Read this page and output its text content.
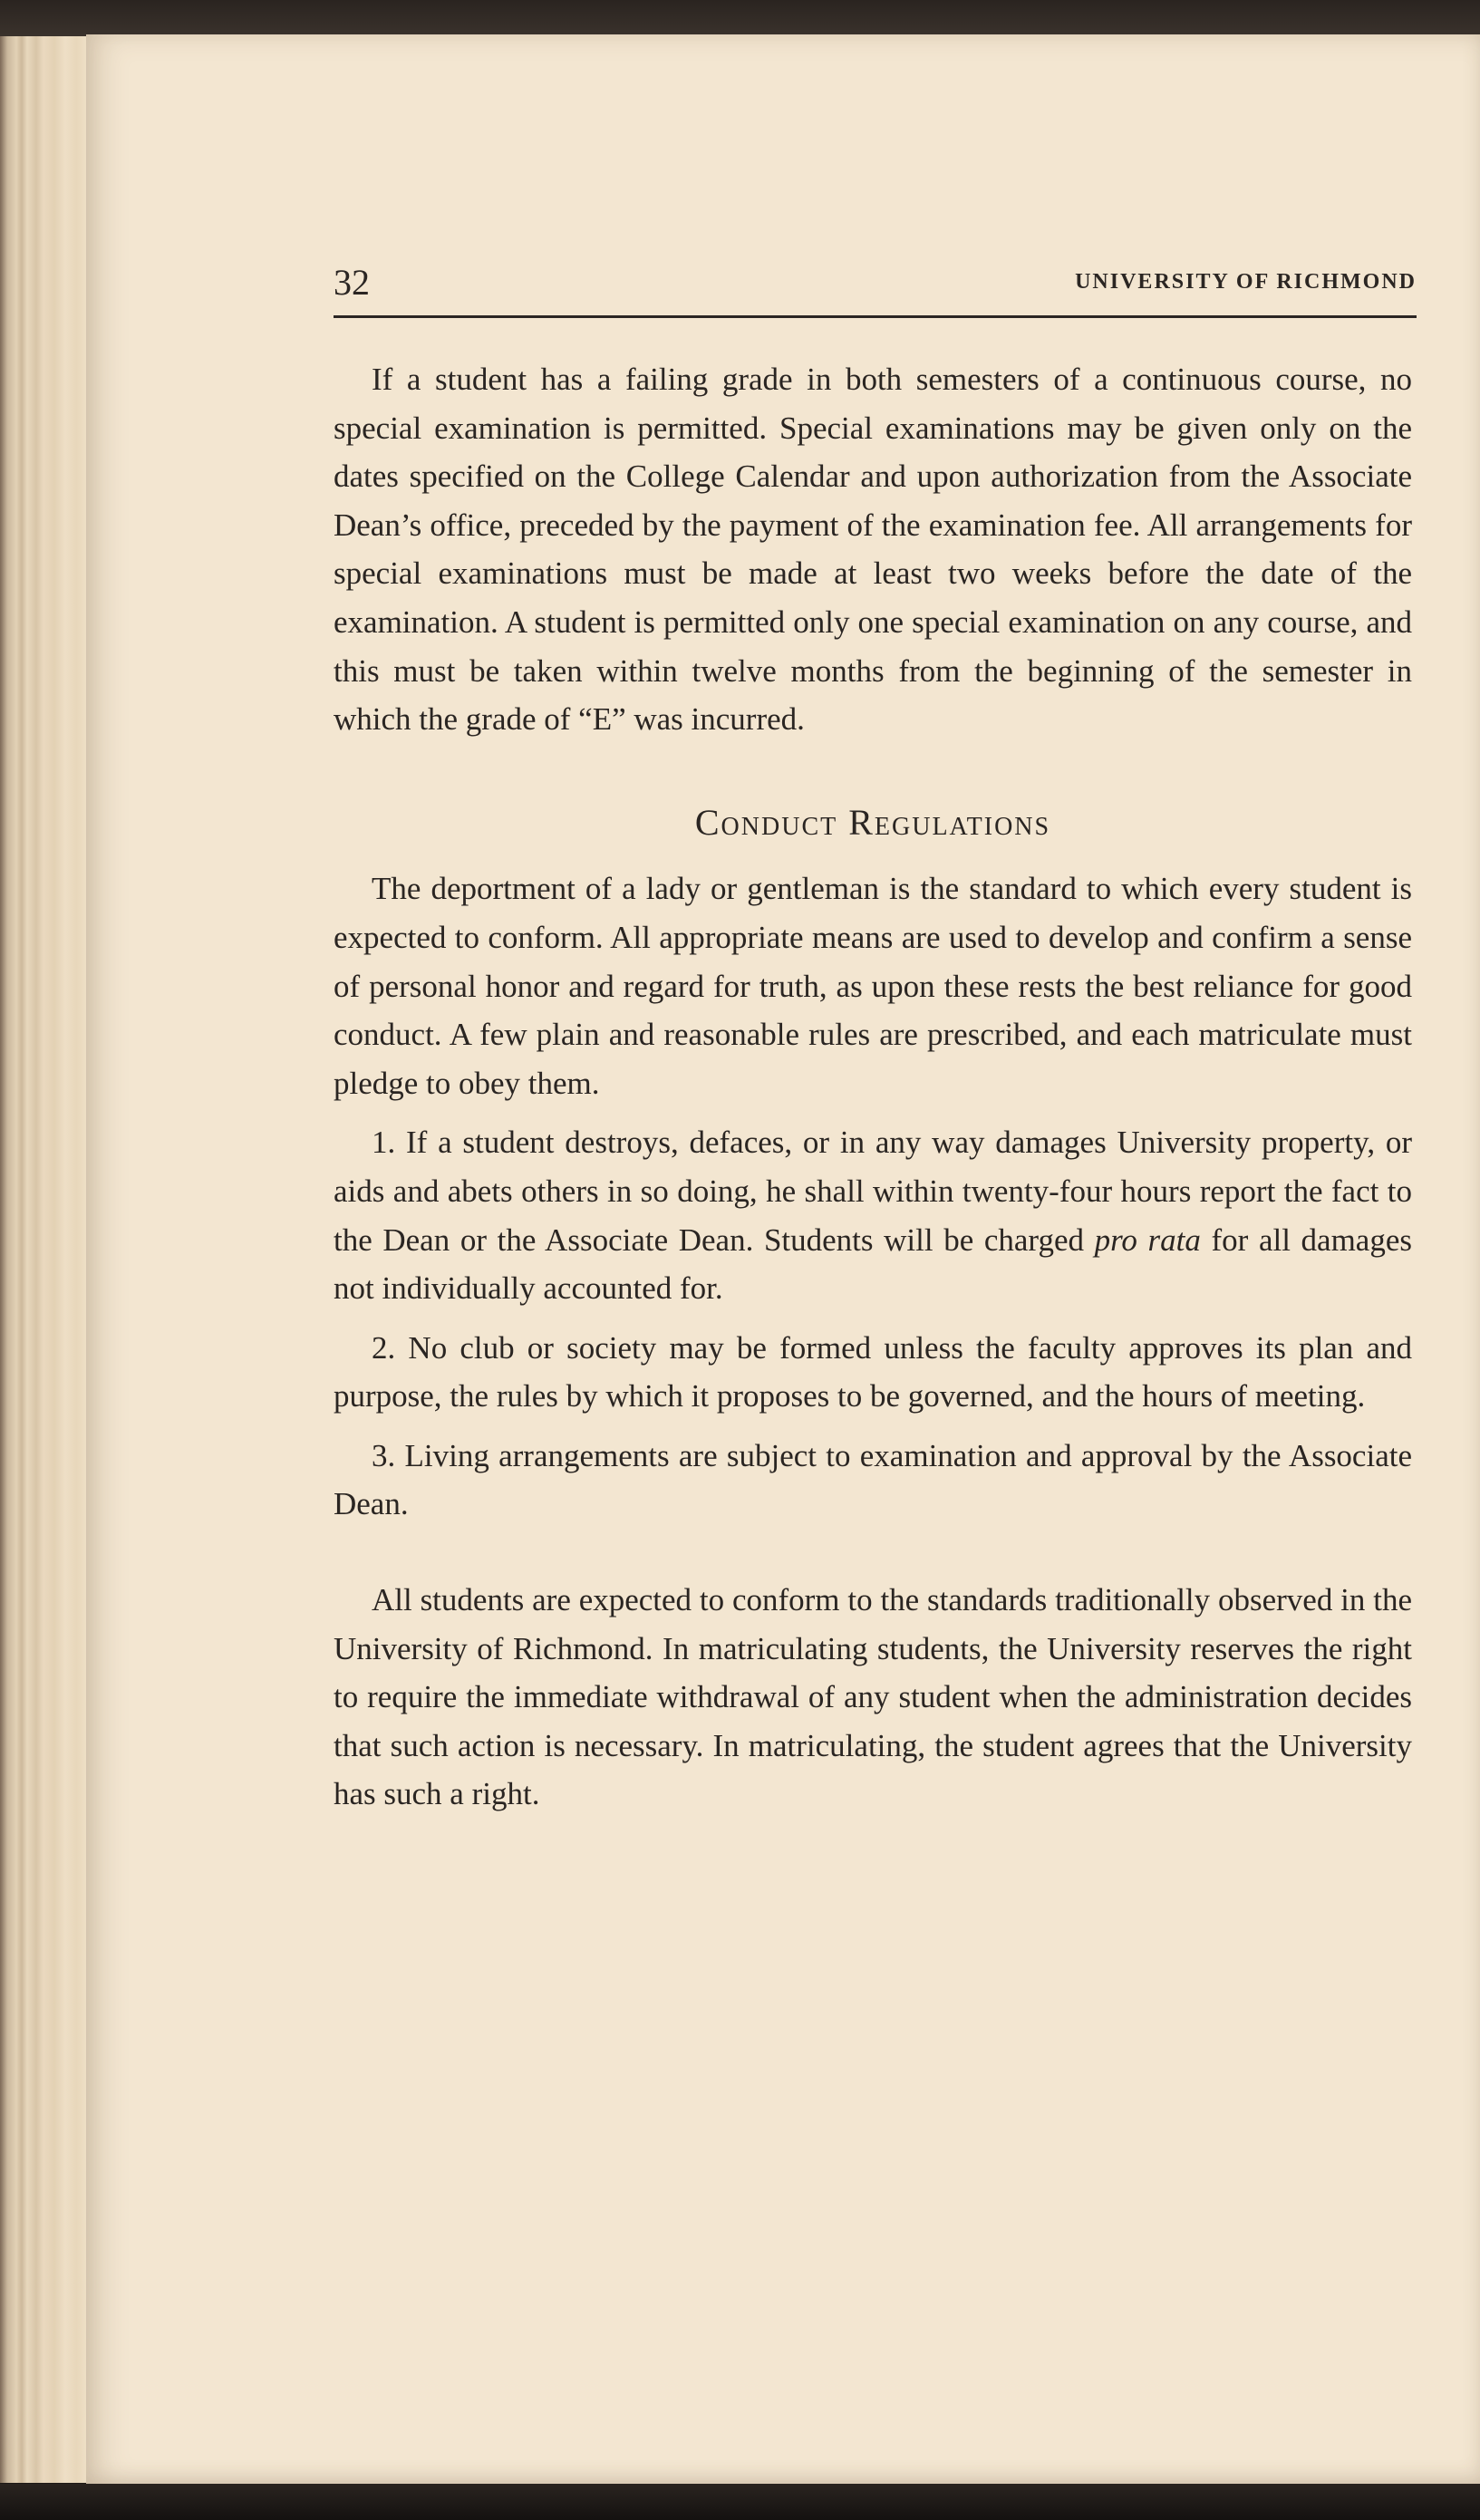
32	UNIVERSITY OF RICHMOND

If a student has a failing grade in both semesters of a continuous course, no special examination is permitted. Special examinations may be given only on the dates specified on the College Calendar and upon authorization from the Associate Dean’s office, preceded by the payment of the examination fee. All arrangements for special examinations must be made at least two weeks before the date of the examination. A student is permitted only one special examination on any course, and this must be taken within twelve months from the beginning of the semester in which the grade of “E” was incurred.

Conduct Regulations

The deportment of a lady or gentleman is the standard to which every student is expected to conform. All appropriate means are used to develop and confirm a sense of personal honor and regard for truth, as upon these rests the best reliance for good conduct. A few plain and reasonable rules are prescribed, and each matriculate must pledge to obey them.

1. If a student destroys, defaces, or in any way damages University property, or aids and abets others in so doing, he shall within twenty-four hours report the fact to the Dean or the Associate Dean. Students will be charged pro rata for all damages not individually accounted for.

2. No club or society may be formed unless the faculty approves its plan and purpose, the rules by which it proposes to be governed, and the hours of meeting.

3. Living arrangements are subject to examination and approval by the Associate Dean.

All students are expected to conform to the standards traditionally observed in the University of Richmond. In matriculating students, the University reserves the right to require the immediate withdrawal of any student when the administration decides that such action is necessary. In matriculating, the student agrees that the University has such a right.
